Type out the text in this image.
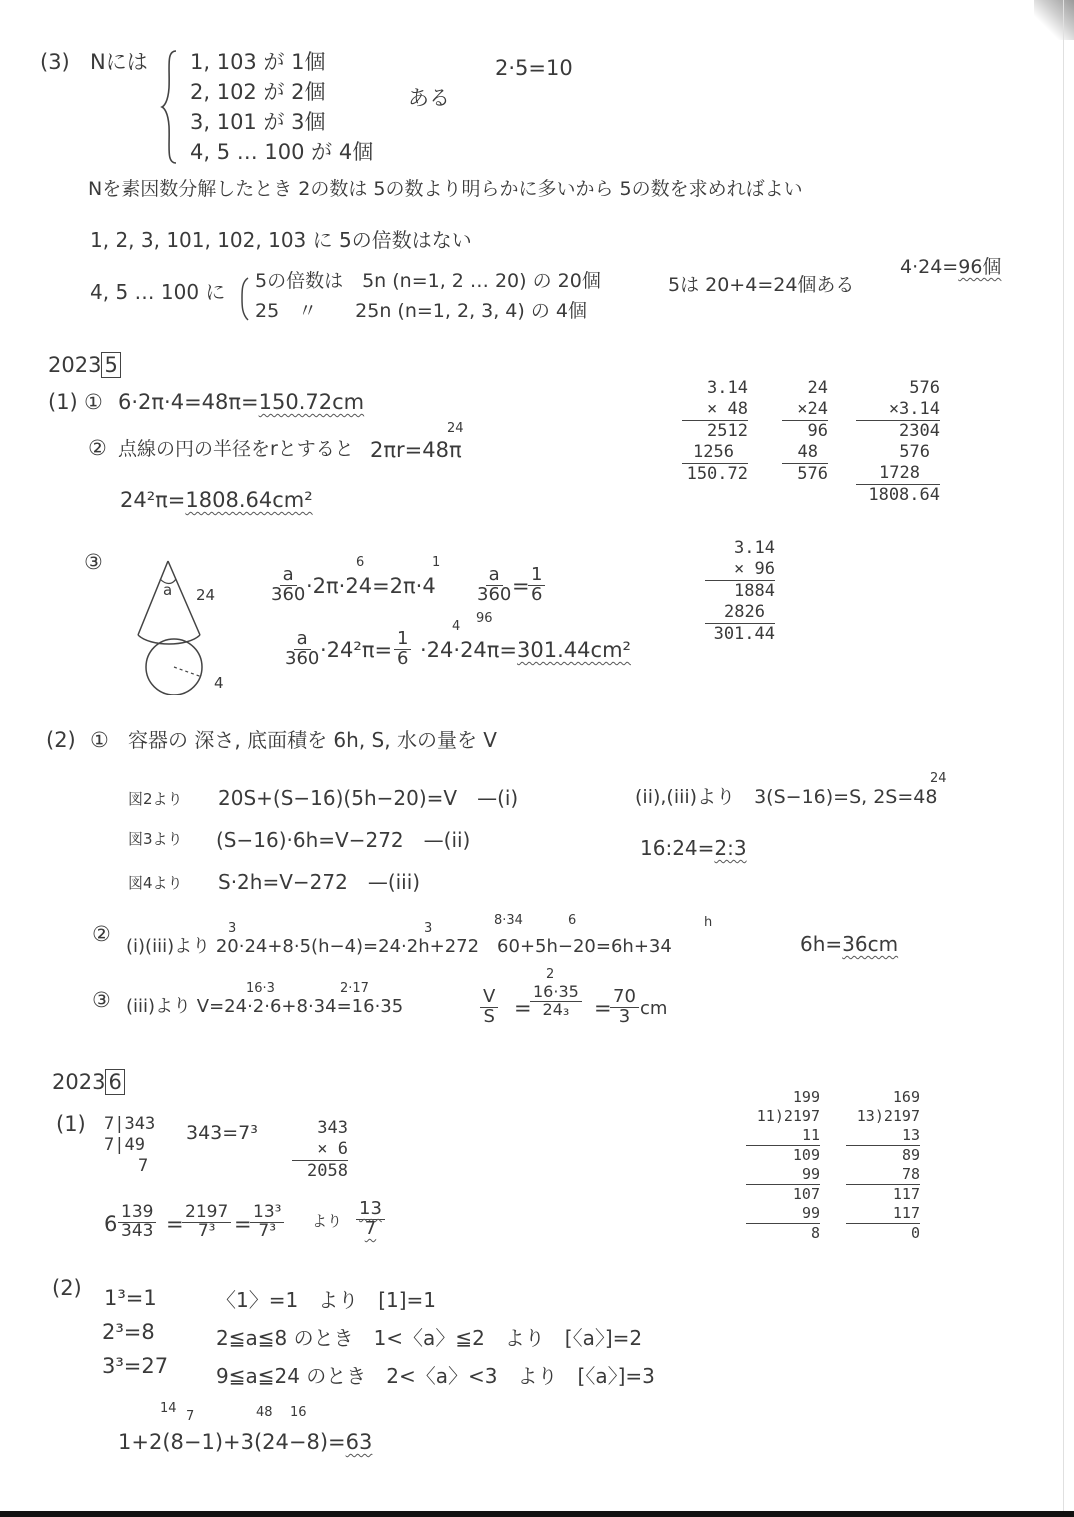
(3) Nには 1, 103 が 1個
2, 102 が 2個
3, 101 が 3個
4, 5 … 100 が 4個
ある
2·5=10
Nを素因数分解したとき 2の数は 5の数より明らかに多いから 5の数を求めればよい
1, 2, 3, 101, 102, 103 に 5の倍数はない
4, 5 … 100 に 5の倍数は　5n (n=1, 2 … 20) の 20個
25　〃　　25n (n=1, 2, 3, 4) の 4個
5は 20+4=24個ある
4·24=96個
2023 5
(1) ① 6·2π·4=48π=150.72cm
② 点線の円の半径をrとすると 2πr=48π
24
24²π=1808.64cm²
3.14
× 48
2512
1256
150.72
24
×24
96
48
576
576
×3.14
2304
576
1728
1808.64
③
a 24
4
$\frac{a}{360}$
·2π·24=2π·4
6	1
$\frac{a}{360}$
=
$\frac{1}{6}$
$\frac{a}{360}$
$\cdot 24^2\pi= \frac{1}{6} \cdot 24\cdot 24\pi=301.44cm^2$
4
96
3.14
× 96
1884
2826
301.44
(2) ① 容器の 深さ, 底面積を 6h, S, 水の量を V
図2より 20S+(S−16)(5h−20)=V　—(i)
図3より (S−16)·6h=V−272　—(ii)
図4より S·2h=V−272　—(iii)
(ii),(iii)より　3(S−16)=S, 2S=48
24
16:24=2:3
②
(i)(iii)より 20·24+8·5(h−4)=24·2h+272　60+5h−20=6h+34
3	3
8·34	6	h
6h=36cm
③ (iii)より V=24·2·6+8·34=16·35
16·3	2·17
2
$\frac{V}{S}$ =
$\frac{16\cdot 35}{\text{24₃}}$ =
$\frac{70}{3}$ cm
2023 6
(1) 7|343
7|49
7
343=7³	343
× 6
2058
$6 \frac{139}{343}$ =
$\frac{2197}{\text{7³}}$ =
$\frac{\text{13³}}{\text{7³}}$ より $\frac{13}{7}$
199
11)2197
11
109
99
107
99
8
169
13)2197
13
89
78
117
117
0
(2) 1³=1
2³=8
3³=27
〈1〉=1　より　[1]=1
2≦a≦8 のとき　1<〈a〉≦2　より　[〈a〉]=2
9≦a≦24 のとき　2<〈a〉<3　より　[〈a〉]=3
14
7	48 16
1+2(8−1)+3(24−8)=63
